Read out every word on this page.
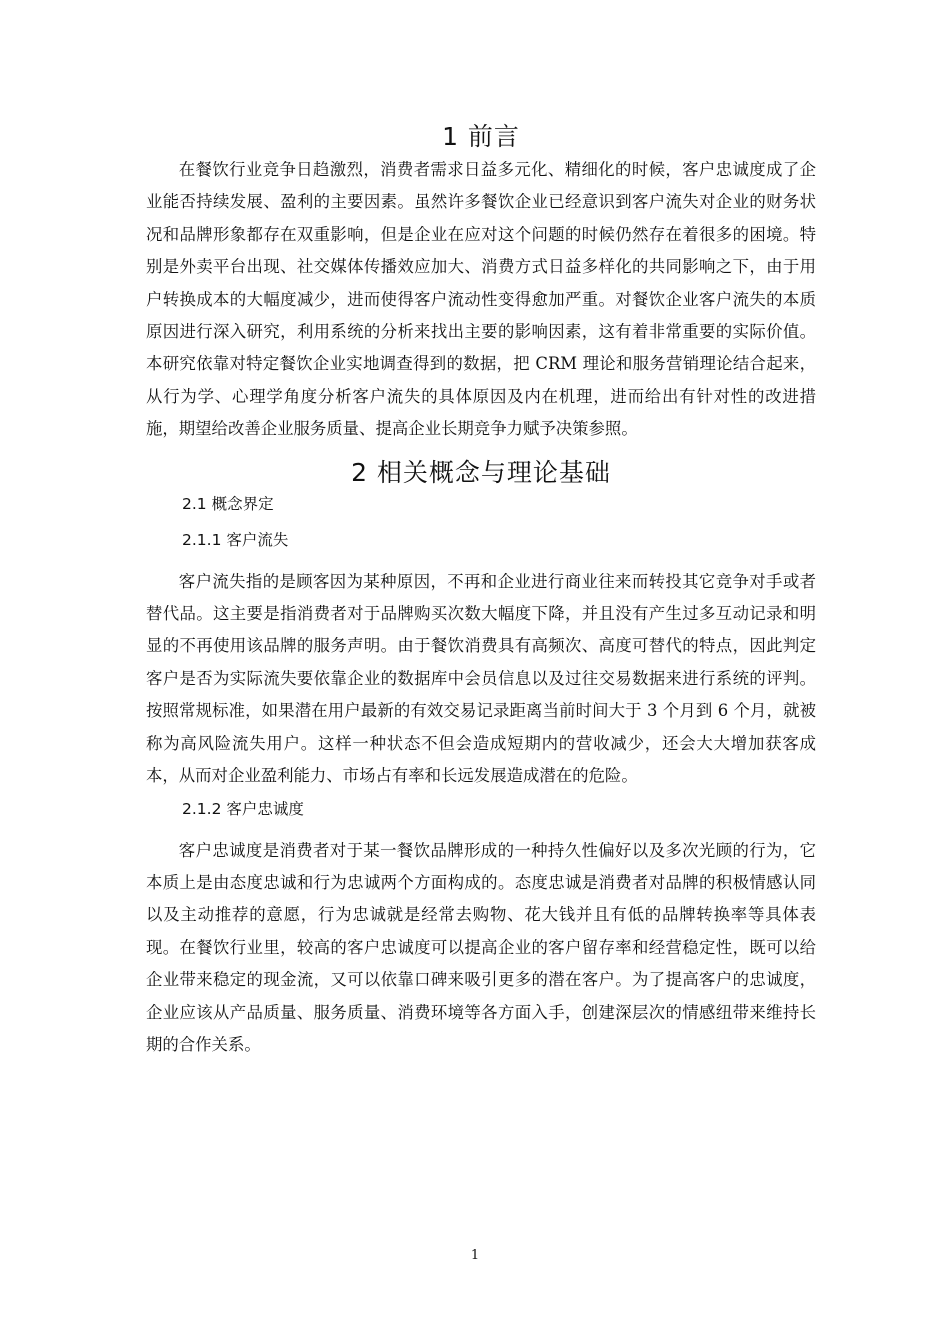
1 前言

在餐饮行业竞争日趋激烈，消费者需求日益多元化、精细化的时候，客户忠诚度成了企业能否持续发展、盈利的主要因素。虽然许多餐饮企业已经意识到客户流失对企业的财务状况和品牌形象都存在双重影响，但是企业在应对这个问题的时候仍然存在着很多的困境。特别是外卖平台出现、社交媒体传播效应加大、消费方式日益多样化的共同影响之下，由于用户转换成本的大幅度减少，进而使得客户流动性变得愈加严重。对餐饮企业客户流失的本质原因进行深入研究，利用系统的分析来找出主要的影响因素，这有着非常重要的实际价值。本研究依靠对特定餐饮企业实地调查得到的数据，把 CRM 理论和服务营销理论结合起来，从行为学、心理学角度分析客户流失的具体原因及内在机理，进而给出有针对性的改进措施，期望给改善企业服务质量、提高企业长期竞争力赋予决策参照。

2 相关概念与理论基础
2.1 概念界定
2.1.1 客户流失

客户流失指的是顾客因为某种原因，不再和企业进行商业往来而转投其它竞争对手或者替代品。这主要是指消费者对于品牌购买次数大幅度下降，并且没有产生过多互动记录和明显的不再使用该品牌的服务声明。由于餐饮消费具有高频次、高度可替代的特点，因此判定客户是否为实际流失要依靠企业的数据库中会员信息以及过往交易数据来进行系统的评判。按照常规标准，如果潜在用户最新的有效交易记录距离当前时间大于 3 个月到 6 个月，就被称为高风险流失用户。这样一种状态不但会造成短期内的营收减少，还会大大增加获客成本，从而对企业盈利能力、市场占有率和长远发展造成潜在的危险。

2.1.2 客户忠诚度

客户忠诚度是消费者对于某一餐饮品牌形成的一种持久性偏好以及多次光顾的行为，它本质上是由态度忠诚和行为忠诚两个方面构成的。态度忠诚是消费者对品牌的积极情感认同以及主动推荐的意愿，行为忠诚就是经常去购物、花大钱并且有低的品牌转换率等具体表现。在餐饮行业里，较高的客户忠诚度可以提高企业的客户留存率和经营稳定性，既可以给企业带来稳定的现金流，又可以依靠口碑来吸引更多的潜在客户。为了提高客户的忠诚度，企业应该从产品质量、服务质量、消费环境等各方面入手，创建深层次的情感纽带来维持长期的合作关系。

1
